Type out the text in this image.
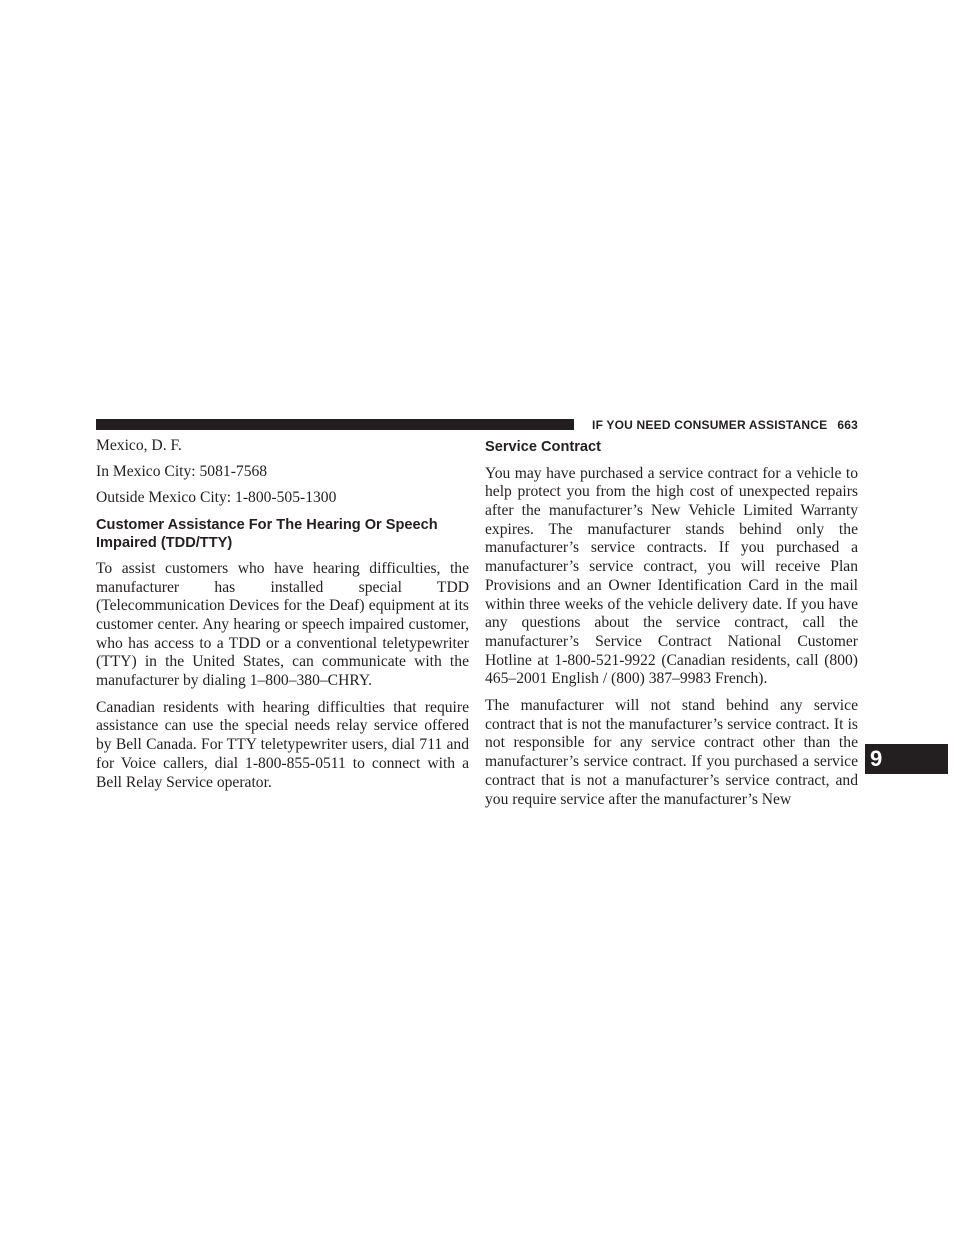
IF YOU NEED CONSUMER ASSISTANCE 663

Mexico, D. F.

In Mexico City: 5081-7568

Outside Mexico City: 1-800-505-1300

Customer Assistance For The Hearing Or Speech Impaired (TDD/TTY)

To assist customers who have hearing difficulties, the manufacturer has installed special TDD (Telecommunication Devices for the Deaf) equipment at its customer center. Any hearing or speech impaired customer, who has access to a TDD or a conventional teletypewriter (TTY) in the United States, can communicate with the manufacturer by dialing 1–800–380–CHRY.

Canadian residents with hearing difficulties that require assistance can use the special needs relay service offered by Bell Canada. For TTY teletypewriter users, dial 711 and for Voice callers, dial 1-800-855-0511 to connect with a Bell Relay Service operator.

Service Contract

You may have purchased a service contract for a vehicle to help protect you from the high cost of unexpected repairs after the manufacturer’s New Vehicle Limited Warranty expires. The manufacturer stands behind only the manufacturer’s service contracts. If you purchased a manufacturer’s service contract, you will receive Plan Provisions and an Owner Identification Card in the mail within three weeks of the vehicle delivery date. If you have any questions about the service contract, call the manufacturer’s Service Contract National Customer Hotline at 1-800-521-9922 (Canadian residents, call (800) 465–2001 English / (800) 387–9983 French).

The manufacturer will not stand behind any service contract that is not the manufacturer’s service contract. It is not responsible for any service contract other than the manufacturer’s service contract. If you purchased a service contract that is not a manufacturer’s service contract, and you require service after the manufacturer’s New

9
